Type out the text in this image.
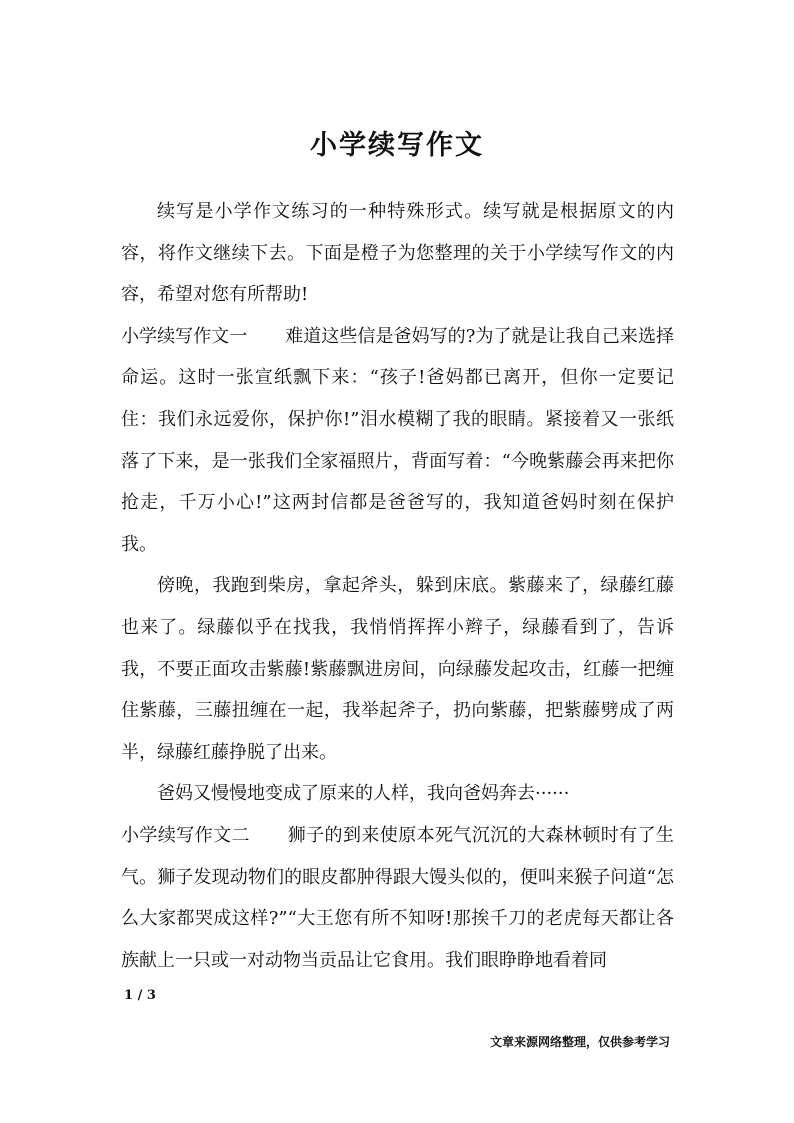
小学续写作文

续写是小学作文练习的一种特殊形式。续写就是根据原文的内容，将作文继续下去。下面是橙子为您整理的关于小学续写作文的内容，希望对您有所帮助!

小学续写作文一 难道这些信是爸妈写的?为了就是让我自己来选择命运。这时一张宣纸飘下来：“孩子!爸妈都已离开，但你一定要记住：我们永远爱你，保护你!”泪水模糊了我的眼睛。紧接着又一张纸落了下来，是一张我们全家福照片，背面写着：“今晚紫藤会再来把你抢走，千万小心!”这两封信都是爸爸写的，我知道爸妈时刻在保护我。

傍晚，我跑到柴房，拿起斧头，躲到床底。紫藤来了，绿藤红藤也来了。绿藤似乎在找我，我悄悄挥挥小辫子，绿藤看到了，告诉我，不要正面攻击紫藤!紫藤飘进房间，向绿藤发起攻击，红藤一把缠住紫藤，三藤扭缠在一起，我举起斧子，扔向紫藤，把紫藤劈成了两半，绿藤红藤挣脱了出来。

爸妈又慢慢地变成了原来的人样，我向爸妈奔去······

小学续写作文二 狮子的到来使原本死气沉沉的大森林顿时有了生气。狮子发现动物们的眼皮都肿得跟大馒头似的，便叫来猴子问道“怎么大家都哭成这样?”“大王您有所不知呀!那挨千刀的老虎每天都让各族献上一只或一对动物当贡品让它食用。我们眼睁睁地看着同

1 / 3
文章来源网络整理，仅供参考学习
